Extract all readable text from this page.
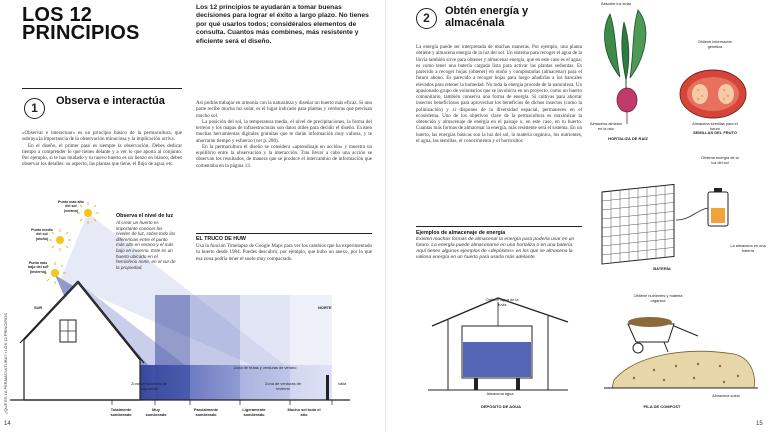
LOS 12 PRINCIPIOS
Los 12 principios te ayudarán a tomar buenas decisiones para lograr el éxito a largo plazo. No tienes por qué usarlos todos; considéralos elementos de consulta. Cuantos más combines, más resistente y eficiente será el diseño.
1	Observa e interactúa

«Observar e interactuar» es un principio básico de la permacultura, que subraya la importancia de la observación minuciosa y la implicación activa.

En el diseño, el primer paso es siempre la observación. Debes dedicar tiempo a comprender lo que tienes delante y a ver lo que aporta al conjunto. Por ejemplo, si te has mudado y tu nuevo huerto es un lienzo en blanco, debes observar los detalles: su aspecto, las plantas que tiene, el flujo de agua, etc.

Así podrás trabajar en armonía con la naturaleza y diseñar un huerto más eficaz. Si uno parte recibe mucha luz solar, es el lugar indicado para plantas y verduras que precisan mucho sol.

La posición del sol, la temperatura media, el nivel de precipitaciones, la forma del terreno y los mapas de infraestructuras son datos útiles para decidir el diseño. Existen muchas herramientas digitales gratuitas que te darán información muy valiosa, y te ahorrarán tiempo y esfuerzo (ver p. 280).

En la permacultura el diseño se considera «aprendizaje en acción» y muestra un equilibrio entre la observación y la interacción. Tras llevar a cabo una acción se observan los resultados, de manera que se produce el intercambio de información que comentaba en la página 13.

EL TRUCO DE HUW
Usa la función Timelapse de Google Maps para ver los cambios que ha experimentado tu huerto desde 1984. Puedes descubrir, por ejemplo, que hubo un anexo, por lo que esa zona podría tener el suelo muy compactado.
Punto más alto del sol (verano)
Punto medio del sol (otoño)
Punto más bajo del sol (invierno)
Observa el nivel de luz
Al crear un huerto es importante conocer los niveles de luz, sobre todo las diferencias entre el punto más alto en verano y el más bajo en invierno. Este es un huerto ubicado en el hemisferio norte, en el sur de la propiedad.
SUR	NORTE
Zona de frutas y verduras de verano
Zona de sombras de hoja verde
Zona de verduras de invierno
Valla
Totalmente sombreado
Muy sombreado
Parcialmente sombreado
Ligeramente sombreado
Mucho sol todo el año
¿QUÉ ES LA PERMACULTURA? • LOS 12 PRINCIPIOS
14
2	Obtén energía y almacénala
La energía puede ser interpretada de muchas maneras. Por ejemplo, una planta obtiene y almacena energía de la luz del sol. Un sistema para recoger el agua de la lluvia también sirve para obtener y almacenar energía, que en este caso es el agua; es como tener una batería cargada lista para activar las plantas sedientas. Es parecido a recoger hojas (obtener) en otoño y compostarlas (almacenar) para el futuro abono. Es parecido a recoger hojas para luego añadirlas a los bancales elevados para retener la humedad. No toda la energía procede de la naturaleza. Un apasionado grupo de voluntarios que se involucra en un proyecto, como un huerto comunitario, también conserva una forma de energía. Si cultivas para ahorrar insectos beneficiosos para aprovechar los beneficios de dichos insectos (como la polinización) y si dispones de la diversidad espacial, permaneces en el ecosistema. Uno de los objetivos clave de la permacultura es maximizar la obtención y almacenaje de energía en el paisaje o, en este caso, en tu huerto. Cuantas más formas de almacenar la energía, más resistente será el sistema. En un huerto, las energías básicas son la luz del sol, la materia orgánica, los nutrientes, el agua, las semillas, el conocimiento y el horticultor.
Ejemplos de almacenaje de energía
Existen muchas formas de almacenar la energía para poderla usar en un futuro. La energía puede almacenarse en una hortaliza o en una batería. Aquí tienes algunos ejemplos de «depósitos» en los que se almacena la valiosa energía en un huerto para usarla más adelante.
Absorbe luz solar
Almacena almidón en la raíz
HORTALIZA DE RAÍZ
Obtiene información genética
Almacena semillas para el futuro
SEMILLAS DEL FRUTO
Obtiene energía de la luz del sol
La almacena en una batería
BATERÍA
Obtiene agua de la lluvia
Almacena agua
DEPÓSITO DE AGUA
Obtiene nutrientes y materia orgánica
Almacena suelo
PILA DE COMPOST
15
